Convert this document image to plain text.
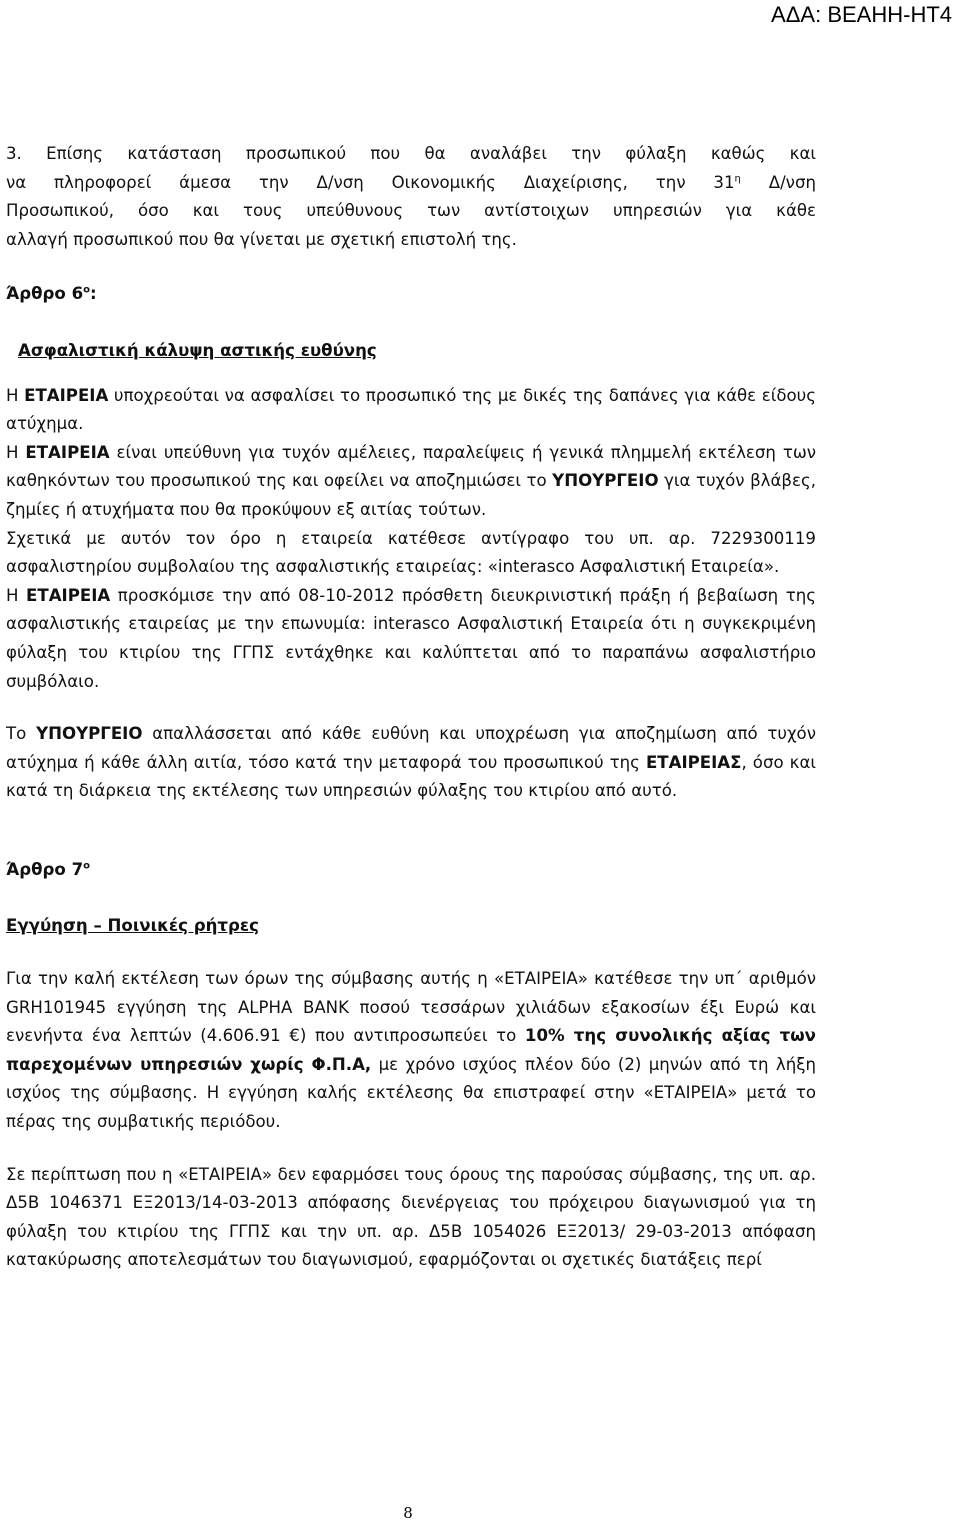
ΑΔΑ: ΒΕΑΗΗ-ΗΤ4
3. Επίσης κατάσταση προσωπικού που θα αναλάβει την φύλαξη καθώς και
να πληροφορεί άμεσα την Δ/νση Οικονομικής Διαχείρισης, την $31^\eta$ Δ/νση
Προσωπικού, όσο και τους υπεύθυνους των αντίστοιχων υπηρεσιών για κάθε
αλλαγή προσωπικού που θα γίνεται με σχετική επιστολή της.

Άρθρο $6^o$:

Ασφαλιστική κάλυψη αστικής ευθύνης

Η ΕΤΑΙΡΕΙΑ υποχρεούται να ασφαλίσει το προσωπικό της με δικές της δαπάνες για κάθε είδους ατύχημα.

Η ΕΤΑΙΡΕΙΑ είναι υπεύθυνη για τυχόν αμέλειες, παραλείψεις ή γενικά πλημμελή εκτέλεση των καθηκόντων του προσωπικού της και οφείλει να αποζημιώσει το ΥΠΟΥΡΓΕΙΟ για τυχόν βλάβες, ζημίες ή ατυχήματα που θα προκύψουν εξ αιτίας τούτων.

Σχετικά με αυτόν τον όρο η εταιρεία κατέθεσε αντίγραφο του υπ. αρ. 7229300119 ασφαλιστηρίου συμβολαίου της ασφαλιστικής εταιρείας: «interasco Ασφαλιστική Εταιρεία».

Η ΕΤΑΙΡΕΙΑ προσκόμισε την από 08-10-2012 πρόσθετη διευκρινιστική πράξη ή βεβαίωση της ασφαλιστικής εταιρείας με την επωνυμία: interasco Ασφαλιστική Εταιρεία ότι η συγκεκριμένη φύλαξη του κτιρίου της ΓΓΠΣ εντάχθηκε και καλύπτεται από το παραπάνω ασφαλιστήριο συμβόλαιο.

Το ΥΠΟΥΡΓΕΙΟ απαλλάσσεται από κάθε ευθύνη και υποχρέωση για αποζημίωση από τυχόν ατύχημα ή κάθε άλλη αιτία, τόσο κατά την μεταφορά του προσωπικού της ΕΤΑΙΡΕΙΑΣ, όσο και κατά τη διάρκεια της εκτέλεσης των υπηρεσιών φύλαξης του κτιρίου από αυτό.

Άρθρο $7^o$

Εγγύηση – Ποινικές ρήτρες

Για την καλή εκτέλεση των όρων της σύμβασης αυτής η «ΕΤΑΙΡΕΙΑ» κατέθεσε την υπ΄ αριθμόν GRH101945 εγγύηση της ALPHA BANK ποσού τεσσάρων χιλιάδων εξακοσίων έξι Ευρώ και ενενήντα ένα λεπτών (4.606.91 €) που αντιπροσωπεύει το 10% της συνολικής αξίας των παρεχομένων υπηρεσιών χωρίς Φ.Π.Α, με χρόνο ισχύος πλέον δύο (2) μηνών από τη λήξη ισχύος της σύμβασης. Η εγγύηση καλής εκτέλεσης θα επιστραφεί στην «ΕΤΑΙΡΕΙΑ» μετά το πέρας της συμβατικής περιόδου.

Σε περίπτωση που η «ΕΤΑΙΡΕΙΑ» δεν εφαρμόσει τους όρους της παρούσας σύμβασης, της υπ. αρ. Δ5Β 1046371 ΕΞ2013/14-03-2013 απόφασης διενέργειας του πρόχειρου διαγωνισμού για τη φύλαξη του κτιρίου της ΓΓΠΣ και την υπ. αρ. Δ5Β 1054026 ΕΞ2013/ 29-03-2013 απόφαση κατακύρωσης αποτελεσμάτων του διαγωνισμού, εφαρμόζονται οι σχετικές διατάξεις περί

8
